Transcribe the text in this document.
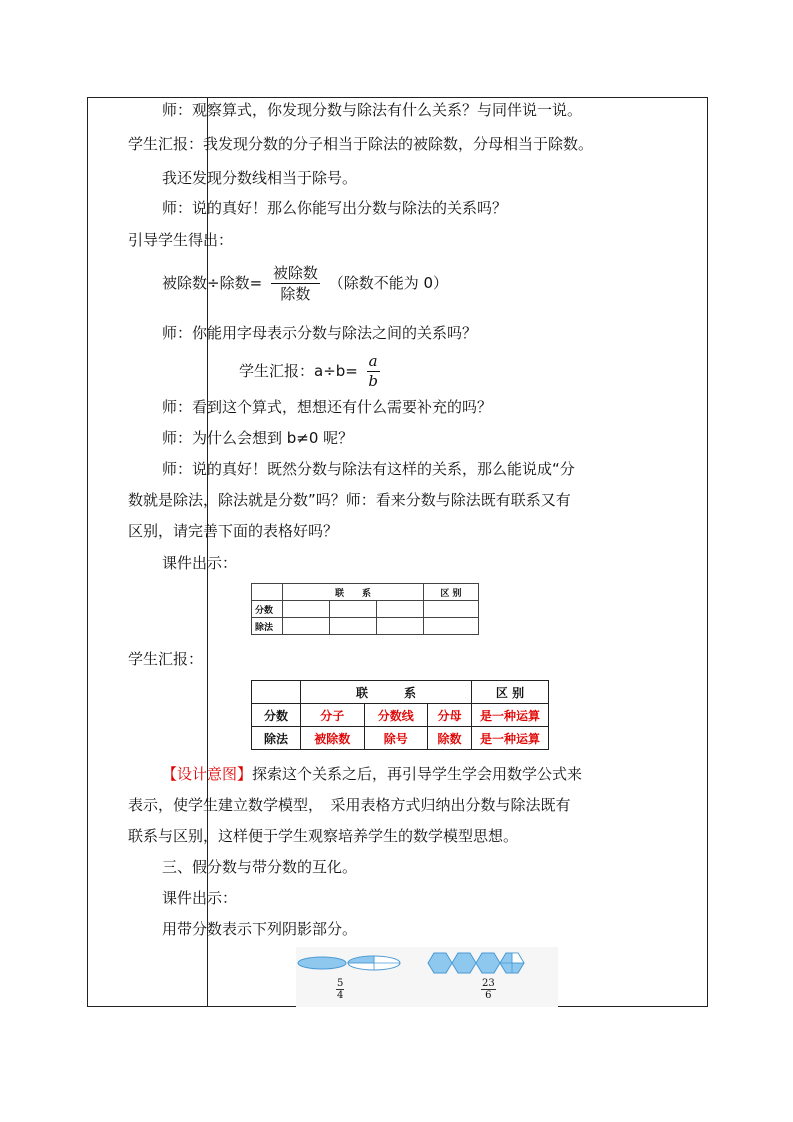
师：观察算式，你发现分数与除法有什么关系？与同伴说一说。
学生汇报：我发现分数的分子相当于除法的被除数，分母相当于除数。
我还发现分数线相当于除号。
师：说的真好！那么你能写出分数与除法的关系吗？
引导学生得出：
被除数÷除数= $\frac{\text{被除数}}{\text{除数}}$ （除数不能为 0）
师：你能用字母表示分数与除法之间的关系吗？
学生汇报：$a\div b= \frac{a}{b}$
师：看到这个算式，想想还有什么需要补充的吗？
师：为什么会想到 b≠0 呢？
师：说的真好！既然分数与除法有这样的关系，那么能说成“分
数就是除法，除法就是分数”吗？师：看来分数与除法既有联系又有
区别，请完善下面的表格好吗？
课件出示：
	联　　系			区 别
分数				
除法				
学生汇报：
	联　　　系			区 别
分数	分子	分数线	分母	是一种运算
除法	被除数	除号	除数	是一种运算
【设计意图】探索这个关系之后，再引导学生学会用数学公式来
表示，使学生建立数学模型，　采用表格方式归纳出分数与除法既有
联系与区别，这样便于学生观察培养学生的数学模型思想。
三、假分数与带分数的互化。
课件出示：
用带分数表示下列阴影部分。
$\frac{5}{4}$	$\frac{23}{6}$
